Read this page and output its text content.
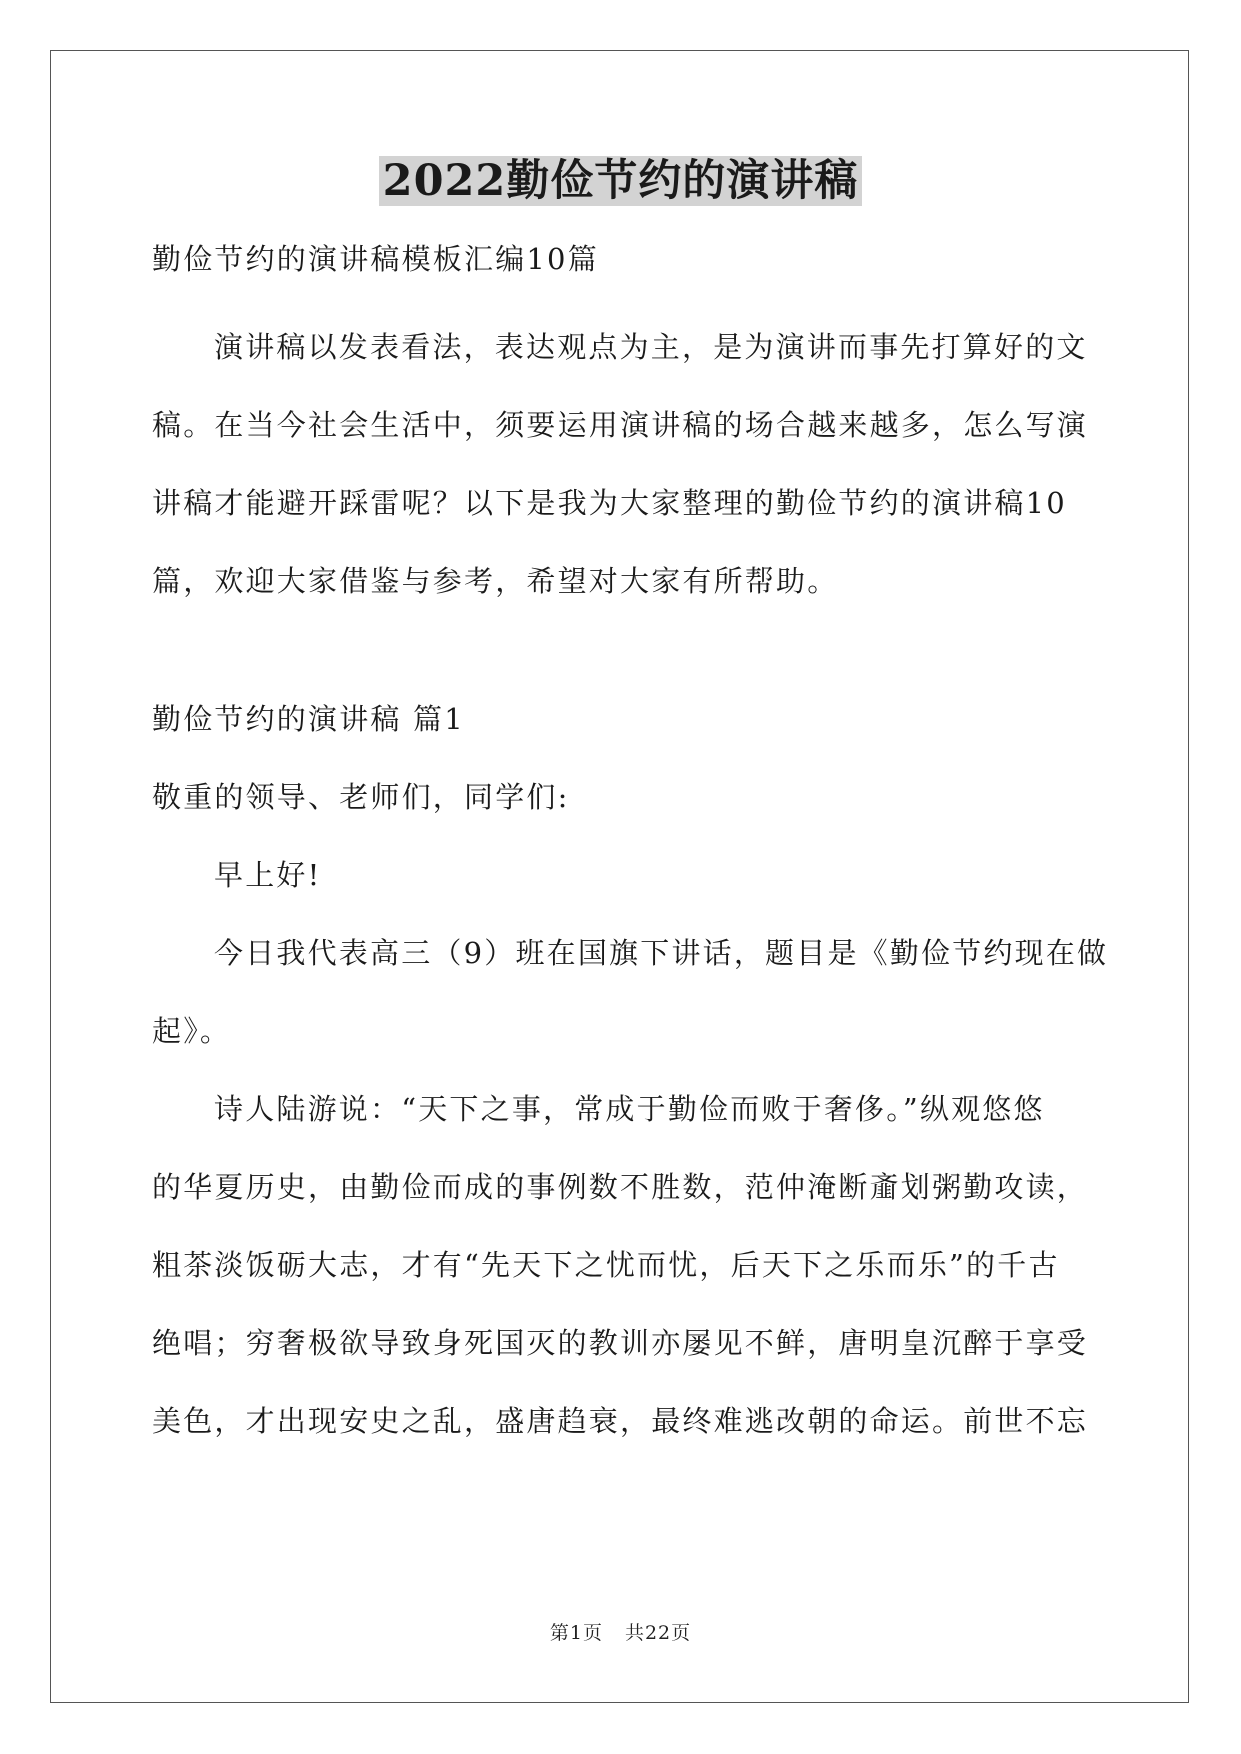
2022勤俭节约的演讲稿
勤俭节约的演讲稿模板汇编10篇
演讲稿以发表看法，表达观点为主，是为演讲而事先打算好的文
稿。在当今社会生活中，须要运用演讲稿的场合越来越多，怎么写演
讲稿才能避开踩雷呢？以下是我为大家整理的勤俭节约的演讲稿10
篇，欢迎大家借鉴与参考，希望对大家有所帮助。
勤俭节约的演讲稿 篇1
敬重的领导、老师们，同学们:
早上好!
今日我代表高三（9）班在国旗下讲话，题目是《勤俭节约现在做
起》。
诗人陆游说：“天下之事，常成于勤俭而败于奢侈。”纵观悠悠
的华夏历史，由勤俭而成的事例数不胜数，范仲淹断齑划粥勤攻读，
粗茶淡饭砺大志，才有“先天下之忧而忧，后天下之乐而乐”的千古
绝唱；穷奢极欲导致身死国灭的教训亦屡见不鲜，唐明皇沉醉于享受
美色，才出现安史之乱，盛唐趋衰，最终难逃改朝的命运。前世不忘
第1页 共22页
